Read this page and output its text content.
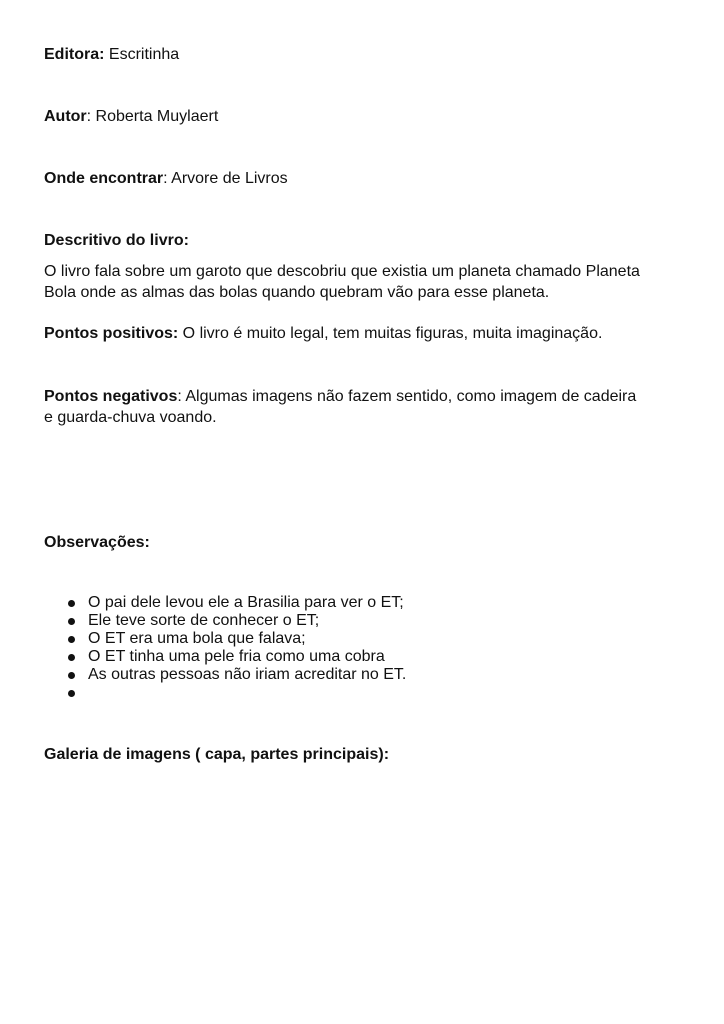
Editora: Escritinha
Autor: Roberta Muylaert
Onde encontrar: Arvore de Livros
Descritivo do livro:
O livro fala sobre um garoto que descobriu que existia um planeta chamado Planeta
Bola onde as almas das bolas quando quebram vão para esse planeta.
Pontos positivos: O livro é muito legal, tem muitas figuras, muita imaginação.
Pontos negativos: Algumas imagens não fazem sentido, como imagem de cadeira
e guarda-chuva voando.
Observações:
O pai dele levou ele a Brasilia para ver o ET;
Ele teve sorte de conhecer o ET;
O ET era uma bola que falava;
O ET tinha uma pele fria como uma cobra
As outras pessoas não iriam acreditar no ET.
Galeria de imagens ( capa, partes principais):
